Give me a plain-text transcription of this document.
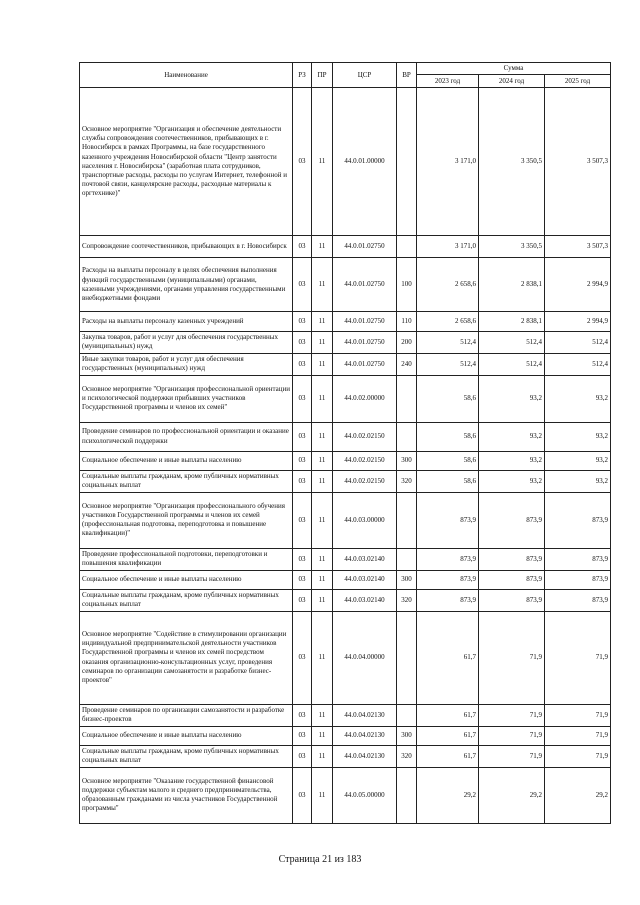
Наименование	РЗ	ПР	ЦСР	ВР	Сумма		
					2023 год	2024 год	2025 год
Основное мероприятие "Организация и обеспечение деятельности службы сопровождения соотечественников, прибывающих в г. Новосибирск в рамках Программы, на базе государственного казенного учреждения Новосибирской области "Центр занятости населения г. Новосибирска" (заработная плата сотрудников, транспортные расходы, расходы по услугам Интернет, телефонной и почтовой связи, канцелярские расходы, расходные материалы к оргтехнике)"	03	11	44.0.01.00000		3 171,0	3 350,5	3 507,3
Сопровождение соотечественников, прибывающих в г. Новосибирск	03	11	44.0.01.02750		3 171,0	3 350,5	3 507,3
Расходы на выплаты персоналу в целях обеспечения выполнения функций государственными (муниципальными) органами, казенными учреждениями, органами управления государственными внебюджетными фондами	03	11	44.0.01.02750	100	2 658,6	2 838,1	2 994,9
Расходы на выплаты персоналу казенных учреждений	03	11	44.0.01.02750	110	2 658,6	2 838,1	2 994,9
Закупка товаров, работ и услуг для обеспечения государственных (муниципальных) нужд	03	11	44.0.01.02750	200	512,4	512,4	512,4
Иные закупки товаров, работ и услуг для обеспечения государственных (муниципальных) нужд	03	11	44.0.01.02750	240	512,4	512,4	512,4
Основное мероприятие "Организация профессиональной ориентации и психологической поддержки прибывших участников Государственной программы и членов их семей"	03	11	44.0.02.00000		58,6	93,2	93,2
Проведение семинаров по профессиональной ориентации и оказание психологической поддержки	03	11	44.0.02.02150		58,6	93,2	93,2
Социальное обеспечение и иные выплаты населению	03	11	44.0.02.02150	300	58,6	93,2	93,2
Социальные выплаты гражданам, кроме публичных нормативных социальных выплат	03	11	44.0.02.02150	320	58,6	93,2	93,2
Основное мероприятие "Организация профессионального обучения участников Государственной программы и членов их семей (профессиональная подготовка, переподготовка и повышение квалификации)"	03	11	44.0.03.00000		873,9	873,9	873,9
Проведение профессиональной подготовки, переподготовки и повышения квалификации	03	11	44.0.03.02140		873,9	873,9	873,9
Социальное обеспечение и иные выплаты населению	03	11	44.0.03.02140	300	873,9	873,9	873,9
Социальные выплаты гражданам, кроме публичных нормативных социальных выплат	03	11	44.0.03.02140	320	873,9	873,9	873,9
Основное мероприятие "Содействие в стимулировании организации индивидуальной предпринимательской деятельности участников Государственной программы и членов их семей посредством оказания организационно-консультационных услуг, проведения семинаров по организации самозанятости и разработке бизнес-проектов"	03	11	44.0.04.00000		61,7	71,9	71,9
Проведение семинаров по организации самозанятости и разработке бизнес-проектов	03	11	44.0.04.02130		61,7	71,9	71,9
Социальное обеспечение и иные выплаты населению	03	11	44.0.04.02130	300	61,7	71,9	71,9
Социальные выплаты гражданам, кроме публичных нормативных социальных выплат	03	11	44.0.04.02130	320	61,7	71,9	71,9
Основное мероприятие "Оказание государственной финансовой поддержки субъектам малого и среднего предпринимательства, образованным гражданами из числа участников Государственной программы"	03	11	44.0.05.00000		29,2	29,2	29,2
Страница 21 из 183
